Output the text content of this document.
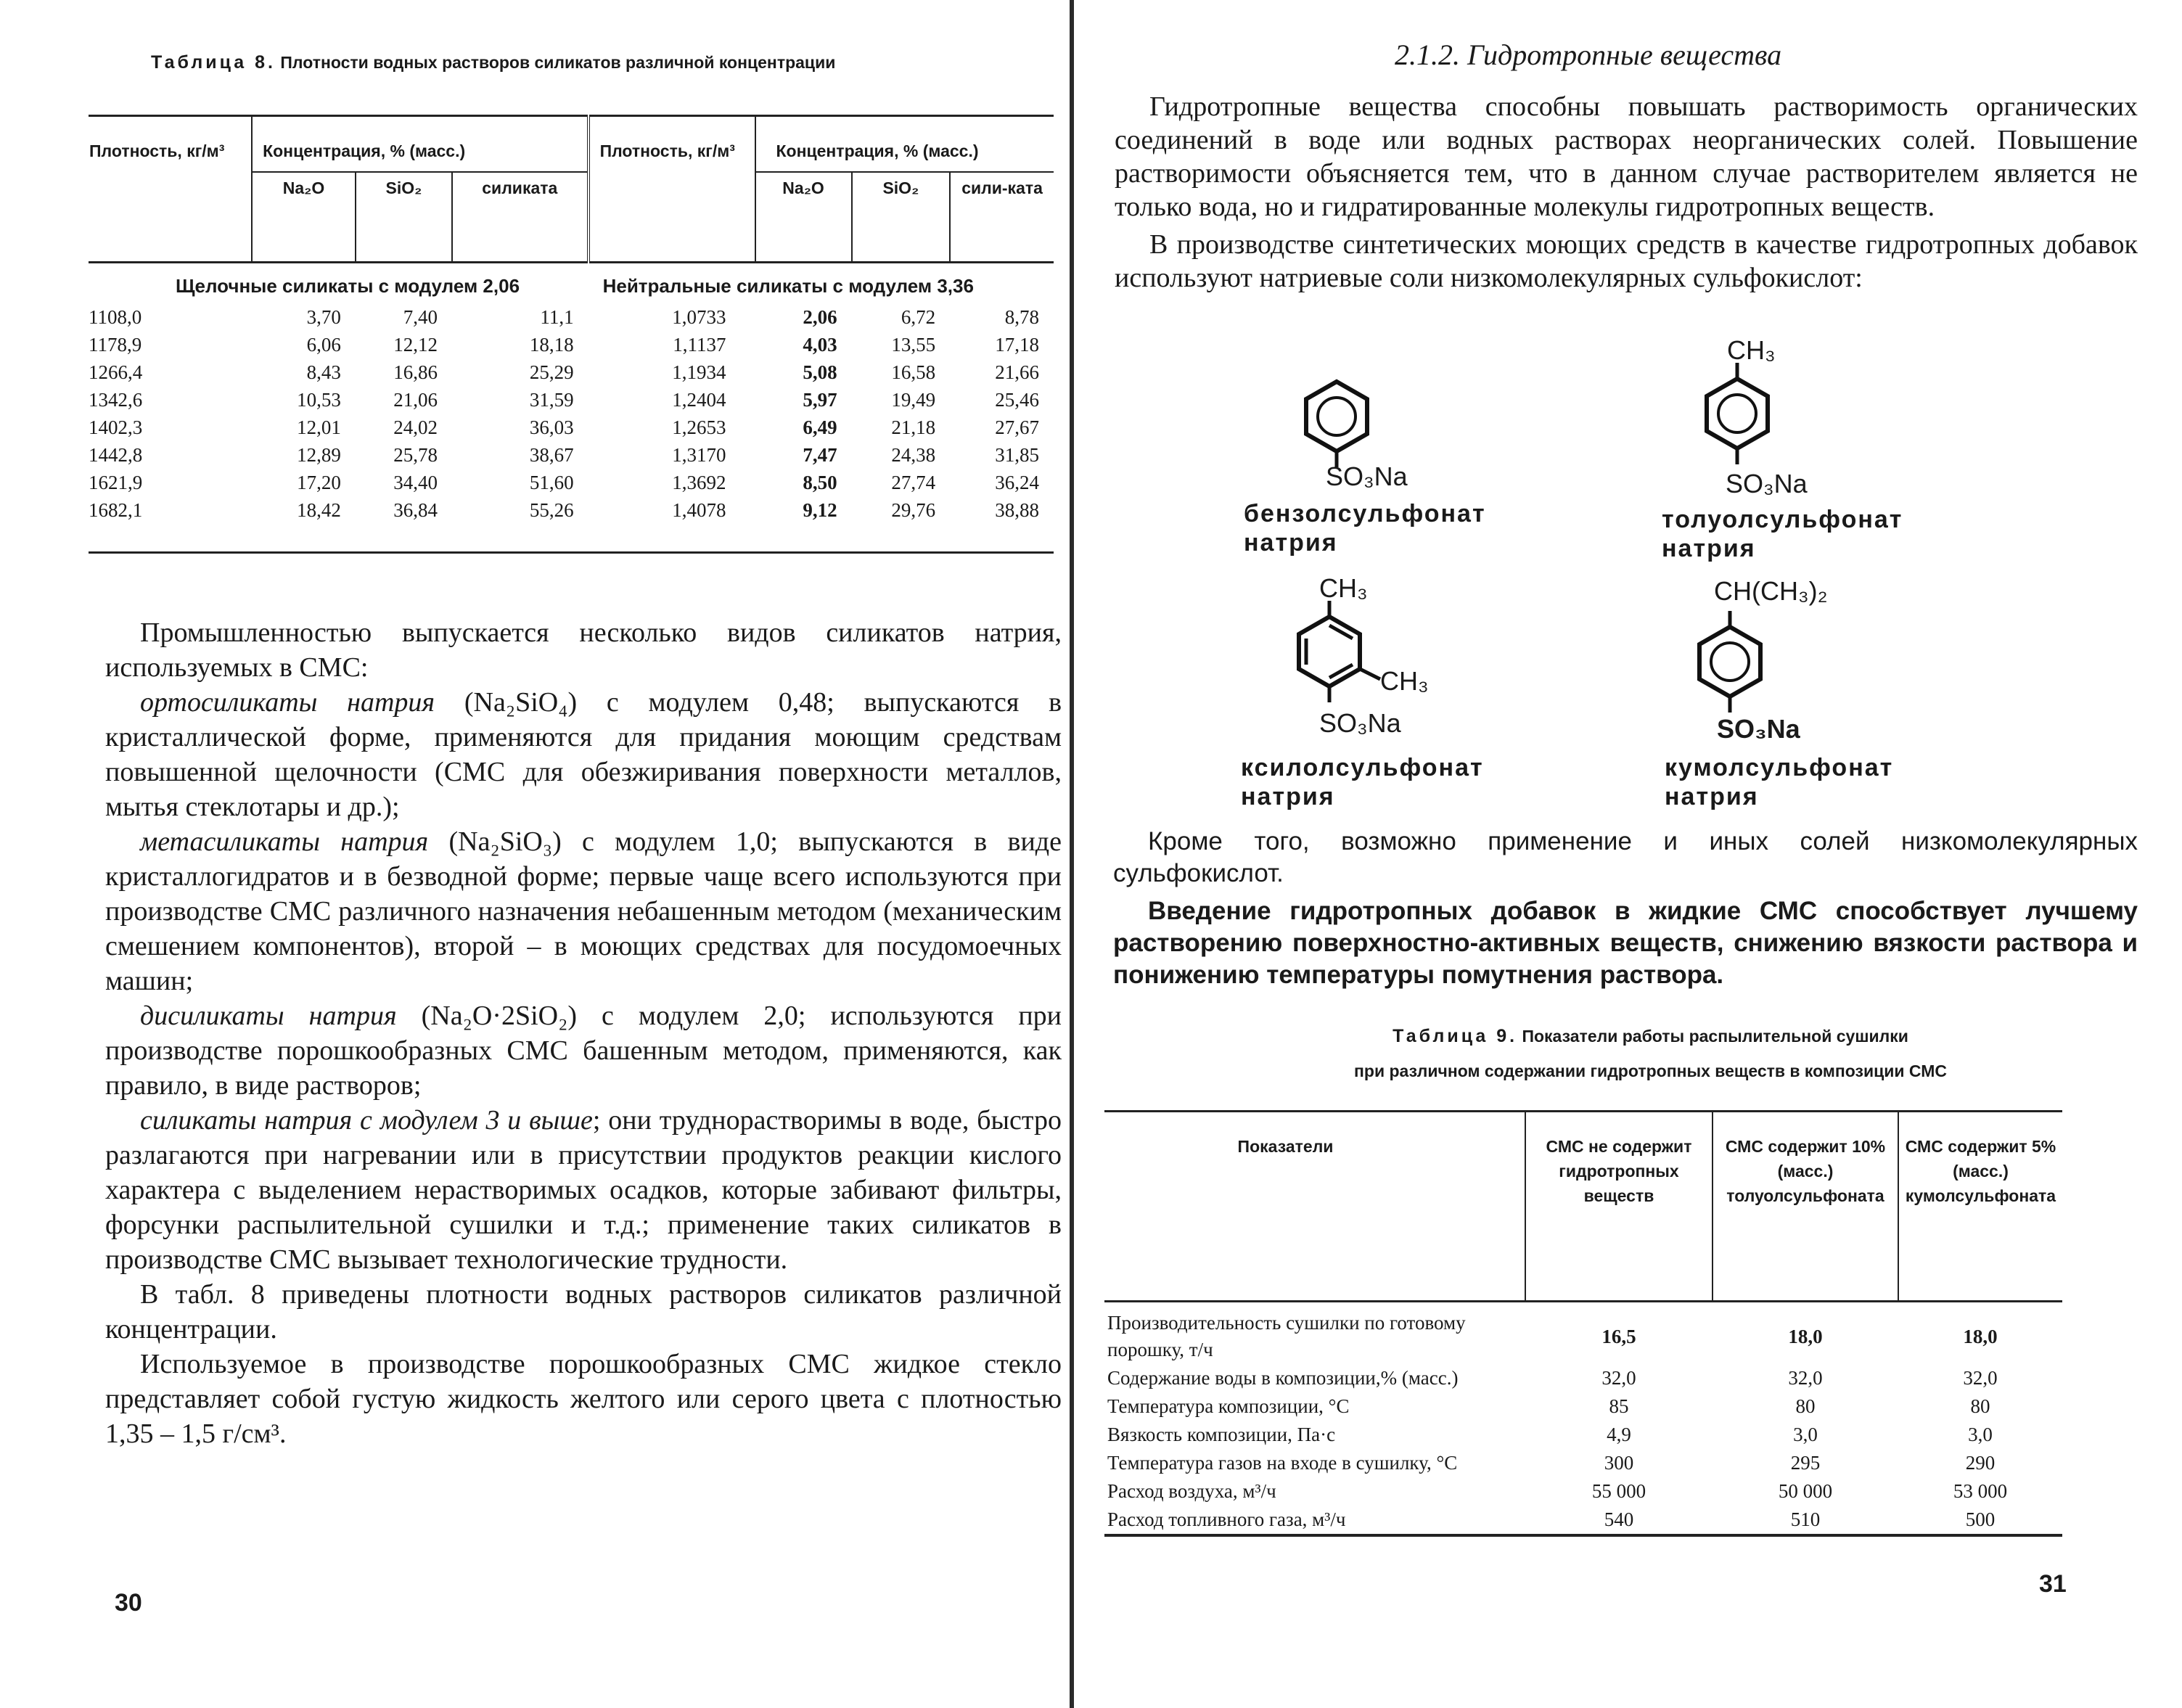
Таблица 8. Плотности водных растворов силикатов различной концентрации
Плотность, кг/м³	Концентрация, % (масс.)			Плотность, кг/м³	Концентрация, % (масс.)		
	Na₂O	SiO₂	силиката		Na₂O	SiO₂	сили-ката
Щелочные силикаты с модулем 2,06				Нейтральные силикаты с модулем 3,36			
1108,0	3,70	7,40	11,1	1,0733	2,06	6,72	8,78
1178,9	6,06	12,12	18,18	1,1137	4,03	13,55	17,18
1266,4	8,43	16,86	25,29	1,1934	5,08	16,58	21,66
1342,6	10,53	21,06	31,59	1,2404	5,97	19,49	25,46
1402,3	12,01	24,02	36,03	1,2653	6,49	21,18	27,67
1442,8	12,89	25,78	38,67	1,3170	7,47	24,38	31,85
1621,9	17,20	34,40	51,60	1,3692	8,50	27,74	36,24
1682,1	18,42	36,84	55,26	1,4078	9,12	29,76	38,88

Промышленностью выпускается несколько видов силикатов натрия, используемых в СМС:

ортосиликаты натрия (Na₂SiO₄) с модулем 0,48; выпускаются в кристаллической форме, применяются для придания моющим средствам повышенной щелочности (СМС для обезжиривания поверхности металлов, мытья стеклотары и др.);

метасиликаты натрия (Na₂SiO₃) с модулем 1,0; выпускаются в виде кристаллогидратов и в безводной форме; первые чаще всего используются при производстве СМС различного назначения небашенным методом (механическим смешением компонентов), второй – в моющих средствах для посудомоечных машин;

дисиликаты натрия (Na₂O·2SiO₂) с модулем 2,0; используются при производстве порошкообразных СМС башенным методом, применяются, как правило, в виде растворов;

силикаты натрия с модулем 3 и выше; они труднорастворимы в воде, быстро разлагаются при нагревании или в присутствии продуктов реакции кислого характера с выделением нерастворимых осадков, которые забивают фильтры, форсунки распылительной сушилки и т.д.; применение таких силикатов в производстве СМС вызывает технологические трудности.

В табл. 8 приведены плотности водных растворов силикатов различной концентрации.

Используемое в производстве порошкообразных СМС жидкое стекло представляет собой густую жидкость желтого или серого цвета с плотностью 1,35 – 1,5 г/см³.

30
2.1.2. Гидротропные вещества

Гидротропные вещества способны повышать растворимость органических соединений в воде или водных растворах неорганических солей. Повышение растворимости объясняется тем, что в данном случае растворителем является не только вода, но и гидратированные молекулы гидротропных веществ.

В производстве синтетических моющих средств в качестве гидротропных добавок используют натриевые соли низкомолекулярных сульфокислот:

SO₃Na
бензолсульфонат
натрия
CH₃
SO₃Na
толуолсульфонат
натрия
CH₃
CH₃
SO₃Na
ксилолсульфонат
натрия
CH(CH₃)₂
SO₃Na
кумолсульфонат
натрия

Кроме того, возможно применение и иных солей низкомолекулярных сульфокислот.

Введение гидротропных добавок в жидкие СМС способствует лучшему растворению поверхностно-активных веществ, снижению вязкости раствора и понижению температуры помутнения раствора.

Таблица 9. Показатели работы распылительной сушилки
при различном содержании гидротропных веществ в композиции СМС
Показатели	СМС не содержит гидротропных веществ	СМС содержит 10% (масс.) толуолсульфоната	СМС содержит 5% (масс.) кумолсульфоната
Производительность сушилки по готовому порошку, т/ч	16,5	18,0	18,0
Содержание воды в композиции,% (масс.)	32,0	32,0	32,0
Температура композиции, °С	85	80	80
Вязкость композиции, Па·с	4,9	3,0	3,0
Температура газов на входе в сушилку, °С	300	295	290
Расход воздуха, м³/ч	55 000	50 000	53 000
Расход топливного газа, м³/ч	540	510	500
31
